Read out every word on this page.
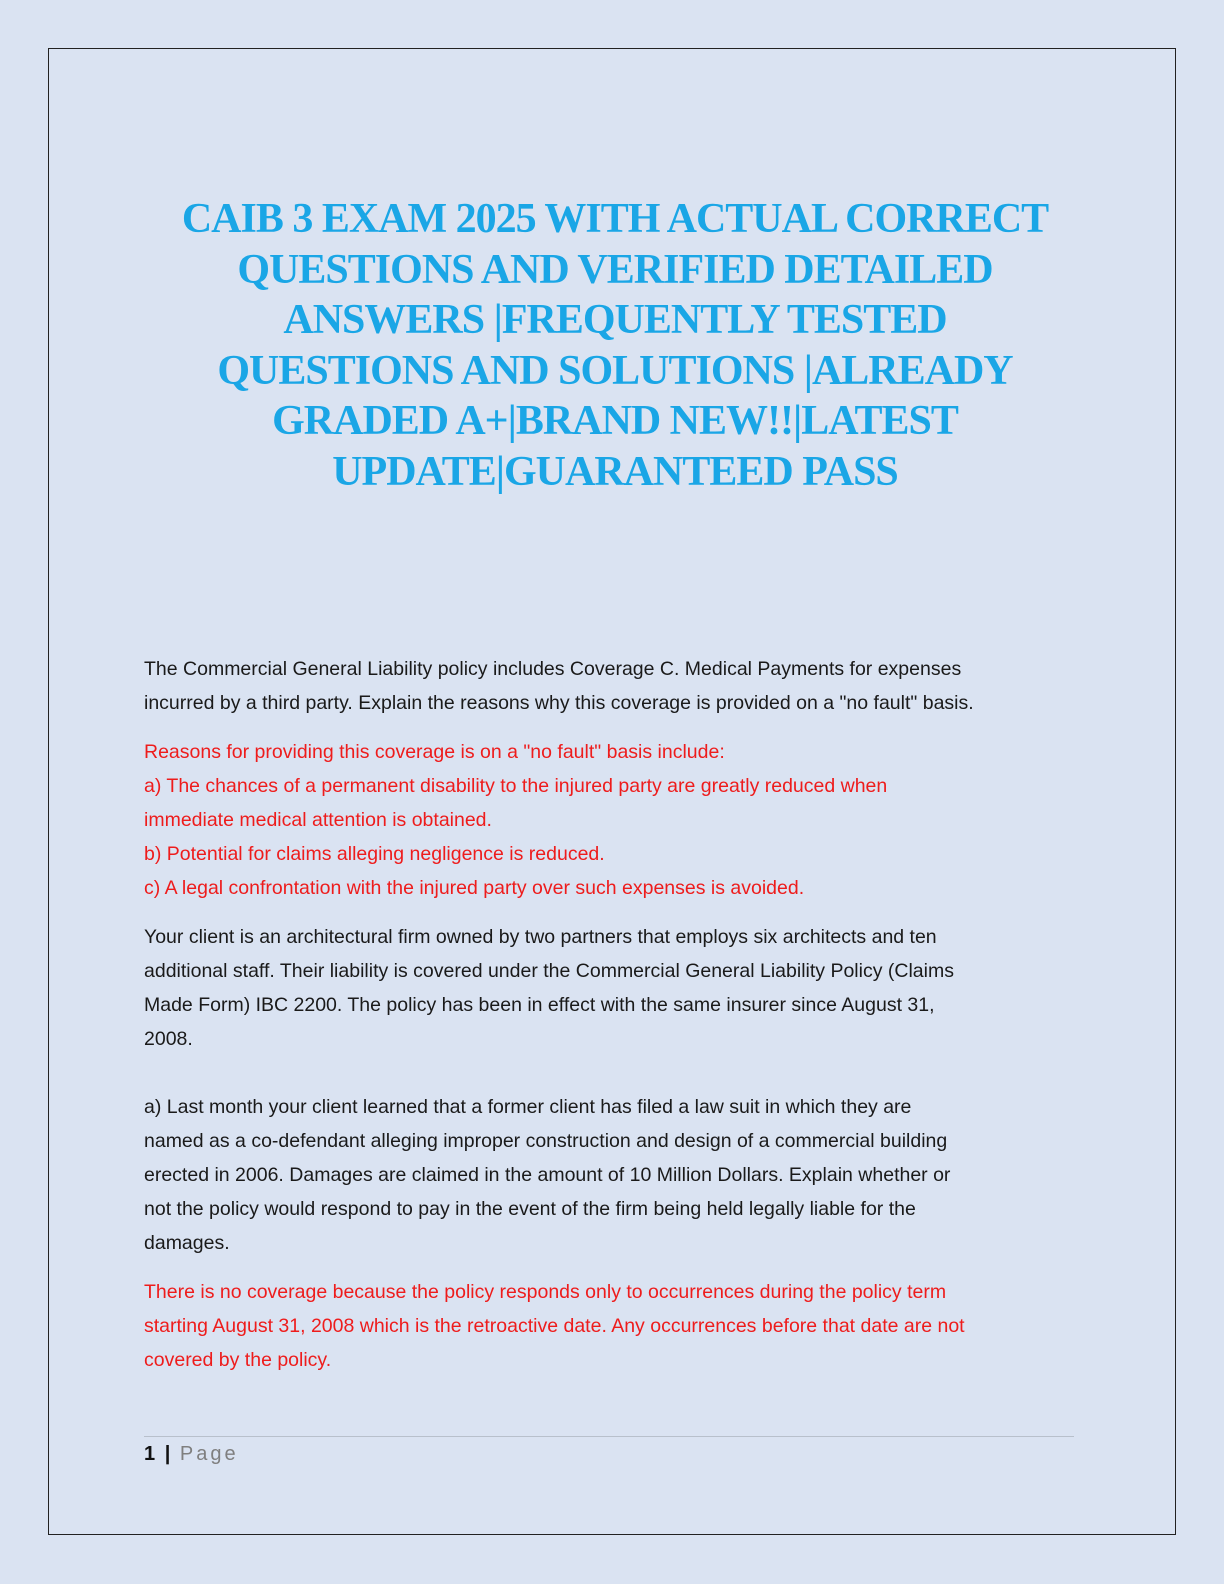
CAIB 3 EXAM 2025 WITH ACTUAL CORRECT
QUESTIONS AND VERIFIED DETAILED
ANSWERS |FREQUENTLY TESTED
QUESTIONS AND SOLUTIONS |ALREADY
GRADED A+|BRAND NEW!!|LATEST
UPDATE|GUARANTEED PASS

The Commercial General Liability policy includes Coverage C. Medical Payments for expenses
incurred by a third party. Explain the reasons why this coverage is provided on a "no fault" basis.

Reasons for providing this coverage is on a "no fault" basis include:
a) The chances of a permanent disability to the injured party are greatly reduced when
immediate medical attention is obtained.
b) Potential for claims alleging negligence is reduced.
c) A legal confrontation with the injured party over such expenses is avoided.

Your client is an architectural firm owned by two partners that employs six architects and ten
additional staff. Their liability is covered under the Commercial General Liability Policy (Claims
Made Form) IBC 2200. The policy has been in effect with the same insurer since August 31,
2008.
a) Last month your client learned that a former client has filed a law suit in which they are
named as a co-defendant alleging improper construction and design of a commercial building
erected in 2006. Damages are claimed in the amount of 10 Million Dollars. Explain whether or
not the policy would respond to pay in the event of the firm being held legally liable for the
damages.

There is no coverage because the policy responds only to occurrences during the policy term
starting August 31, 2008 which is the retroactive date. Any occurrences before that date are not
covered by the policy.

1 | Page
